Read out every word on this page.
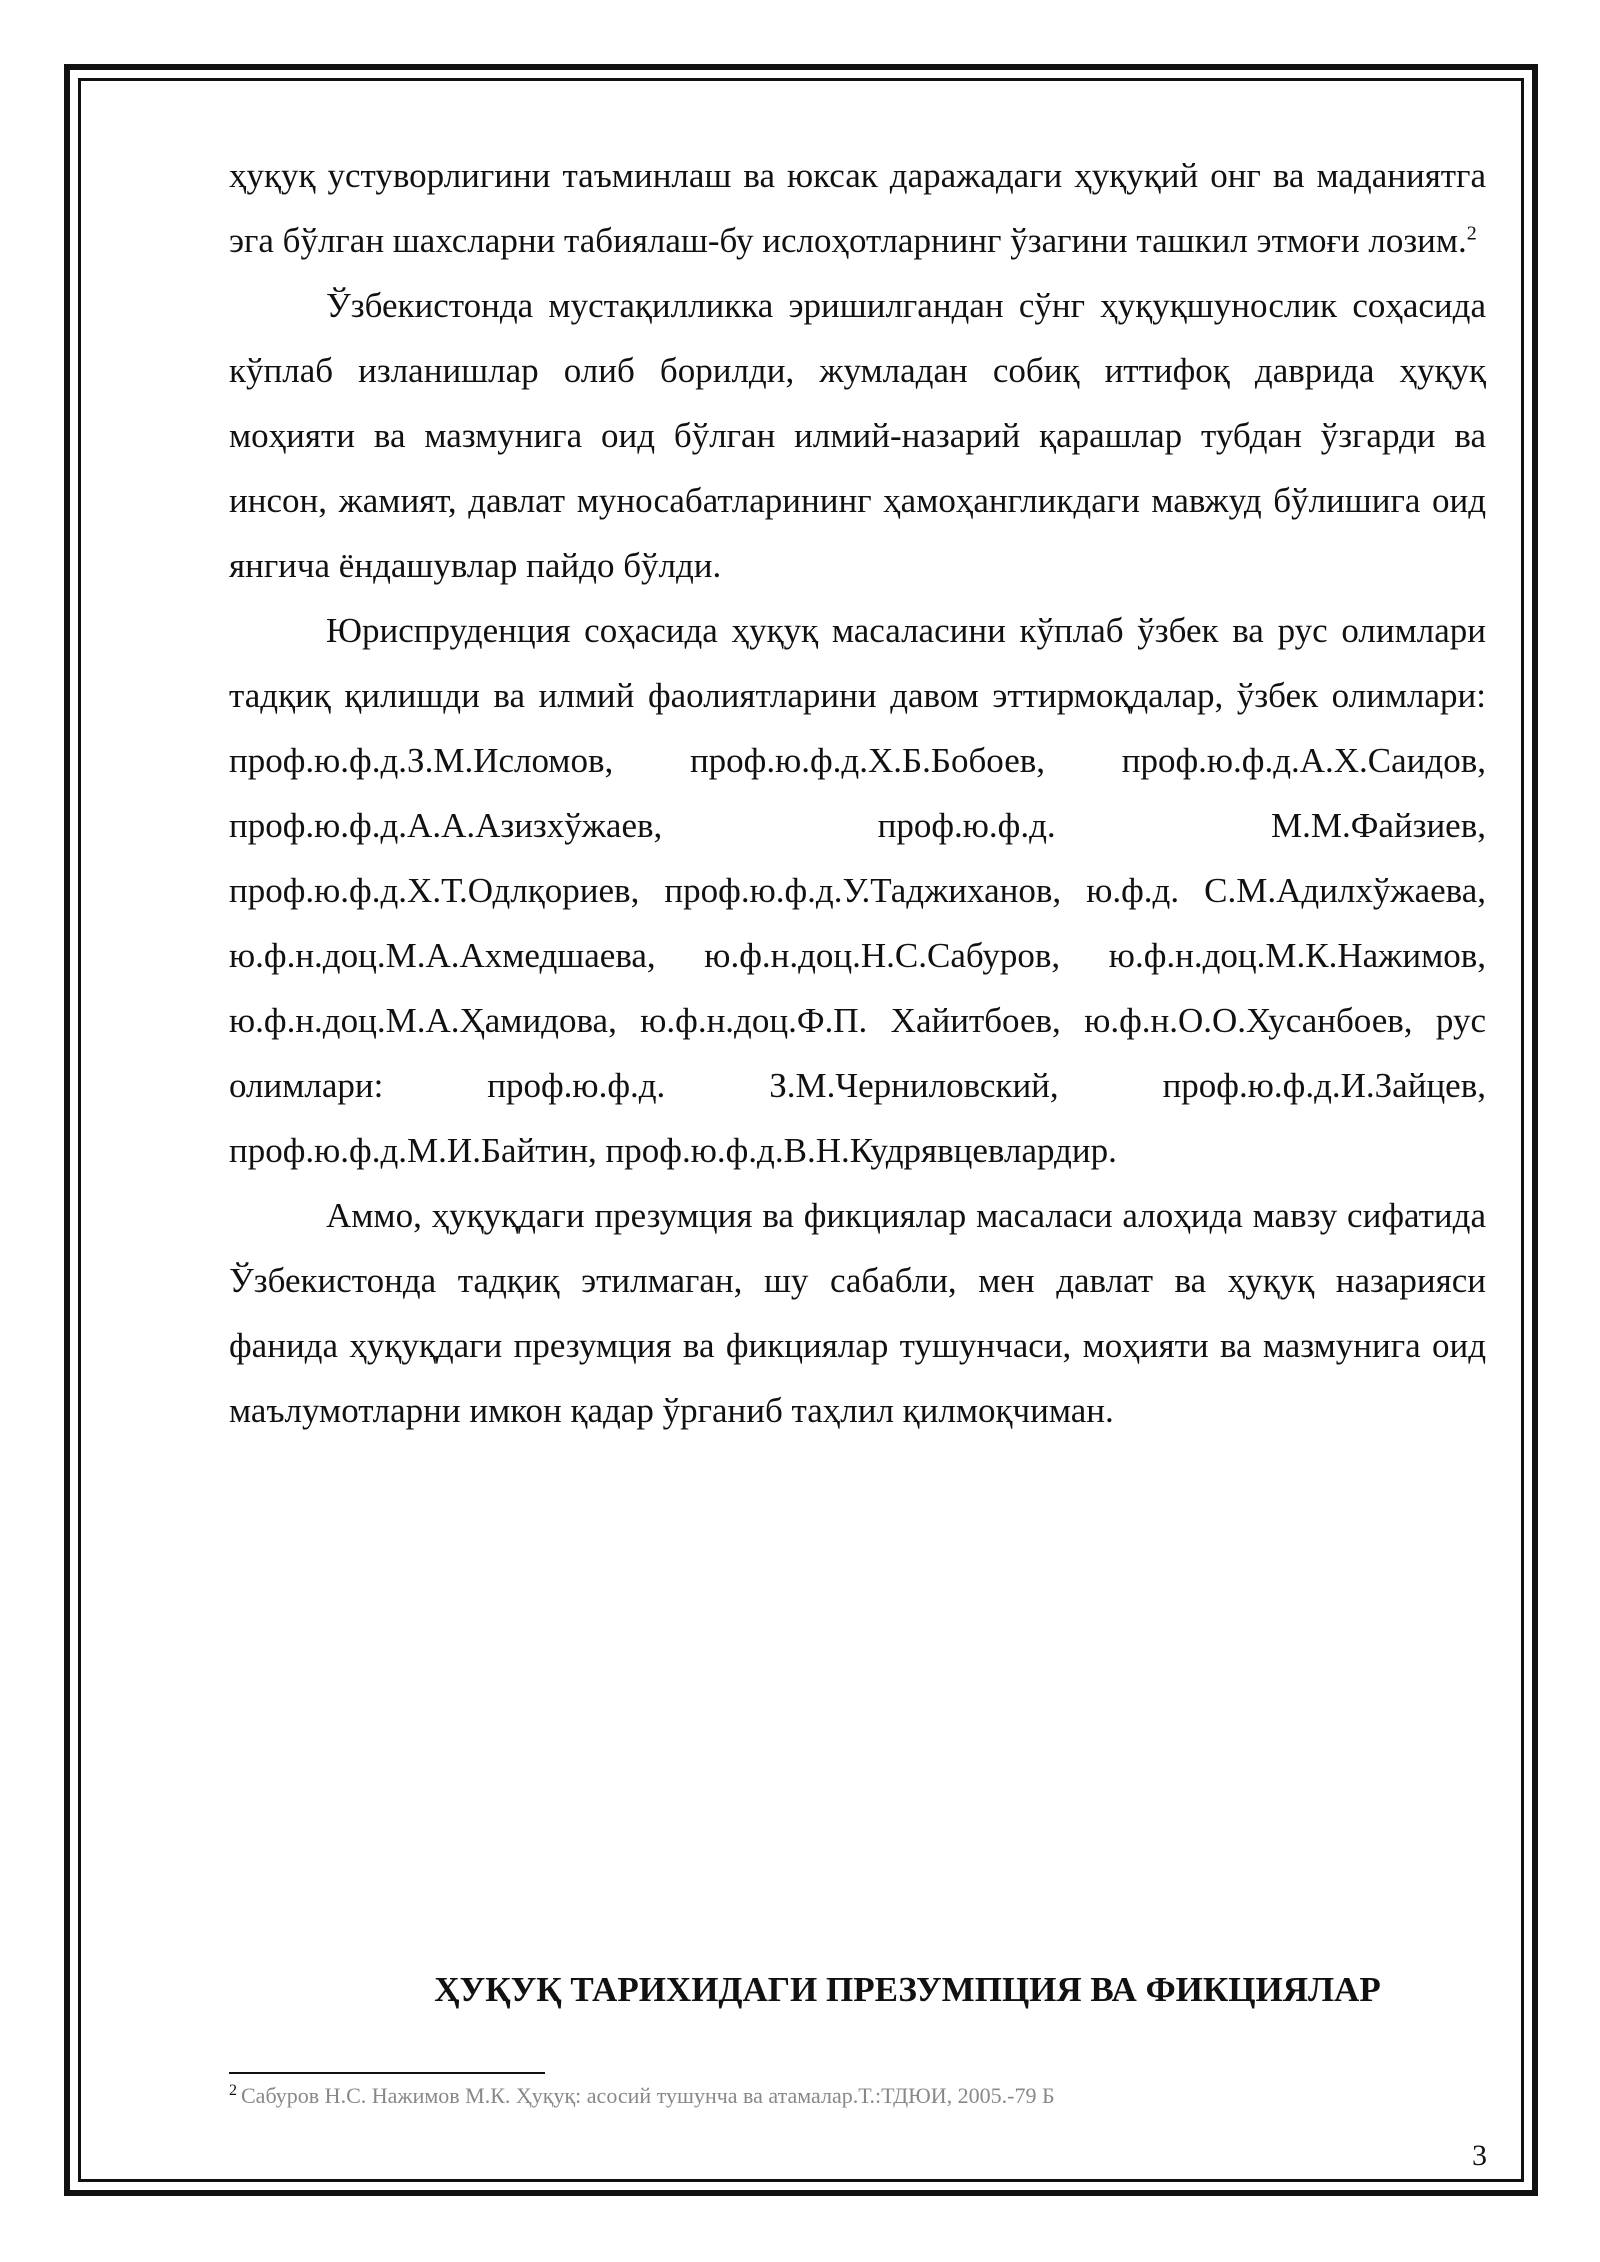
ҳуқуқ устуворлигини таъминлаш ва юксак даражадаги ҳуқуқий онг ва маданиятга эга бўлган шахсларни табиялаш-бу ислоҳотларнинг ўзагини ташкил этмоғи лозим.$^2$

Ўзбекистонда мустақилликка эришилгандан сўнг ҳуқуқшунослик соҳасида кўплаб изланишлар олиб борилди, жумладан собиқ иттифоқ даврида ҳуқуқ моҳияти ва мазмунига оид бўлган илмий-назарий қарашлар тубдан ўзгарди ва инсон, жамият, давлат муносабатларининг ҳамоҳангликдаги мавжуд бўлишига оид янгича ёндашувлар пайдо бўлди.

Юриспруденция соҳасида ҳуқуқ масаласини кўплаб ўзбек ва рус олимлари тадқиқ қилишди ва илмий фаолиятларини давом эттирмоқдалар, ўзбек олимлари: проф.ю.ф.д.З.М.Исломов, проф.ю.ф.д.Х.Б.Бобоев, проф.ю.ф.д.А.Х.Саидов, проф.ю.ф.д.А.А.Азизхўжаев, проф.ю.ф.д. М.М.Файзиев, проф.ю.ф.д.Х.Т.Одлқориев, проф.ю.ф.д.У.Таджиханов, ю.ф.д. С.М.Адилхўжаева, ю.ф.н.доц.М.А.Ахмедшаева, ю.ф.н.доц.Н.С.Сабуров, ю.ф.н.доц.М.К.Нажимов, ю.ф.н.доц.М.А.Ҳамидова, ю.ф.н.доц.Ф.П. Хайитбоев, ю.ф.н.О.О.Хусанбоев, рус олимлари: проф.ю.ф.д. З.М.Черниловский, проф.ю.ф.д.И.Зайцев, проф.ю.ф.д.М.И.Байтин, проф.ю.ф.д.В.Н.Кудрявцевлардир.

Аммо, ҳуқуқдаги презумция ва фикциялар масаласи алоҳида мавзу сифатида Ўзбекистонда тадқиқ этилмаган, шу сабабли, мен давлат ва ҳуқуқ назарияси фанида ҳуқуқдаги презумция ва фикциялар тушунчаси, моҳияти ва мазмунига оид маълумотларни имкон қадар ўрганиб таҳлил қилмоқчиман.

ҲУҚУҚ ТАРИХИДАГИ ПРЕЗУМПЦИЯ ВА ФИКЦИЯЛАР
$^2$ Сабуров Н.С. Нажимов М.К. Ҳуқуқ: асосий тушунча ва атамалар.Т.:ТДЮИ, 2005.-79 Б
3
